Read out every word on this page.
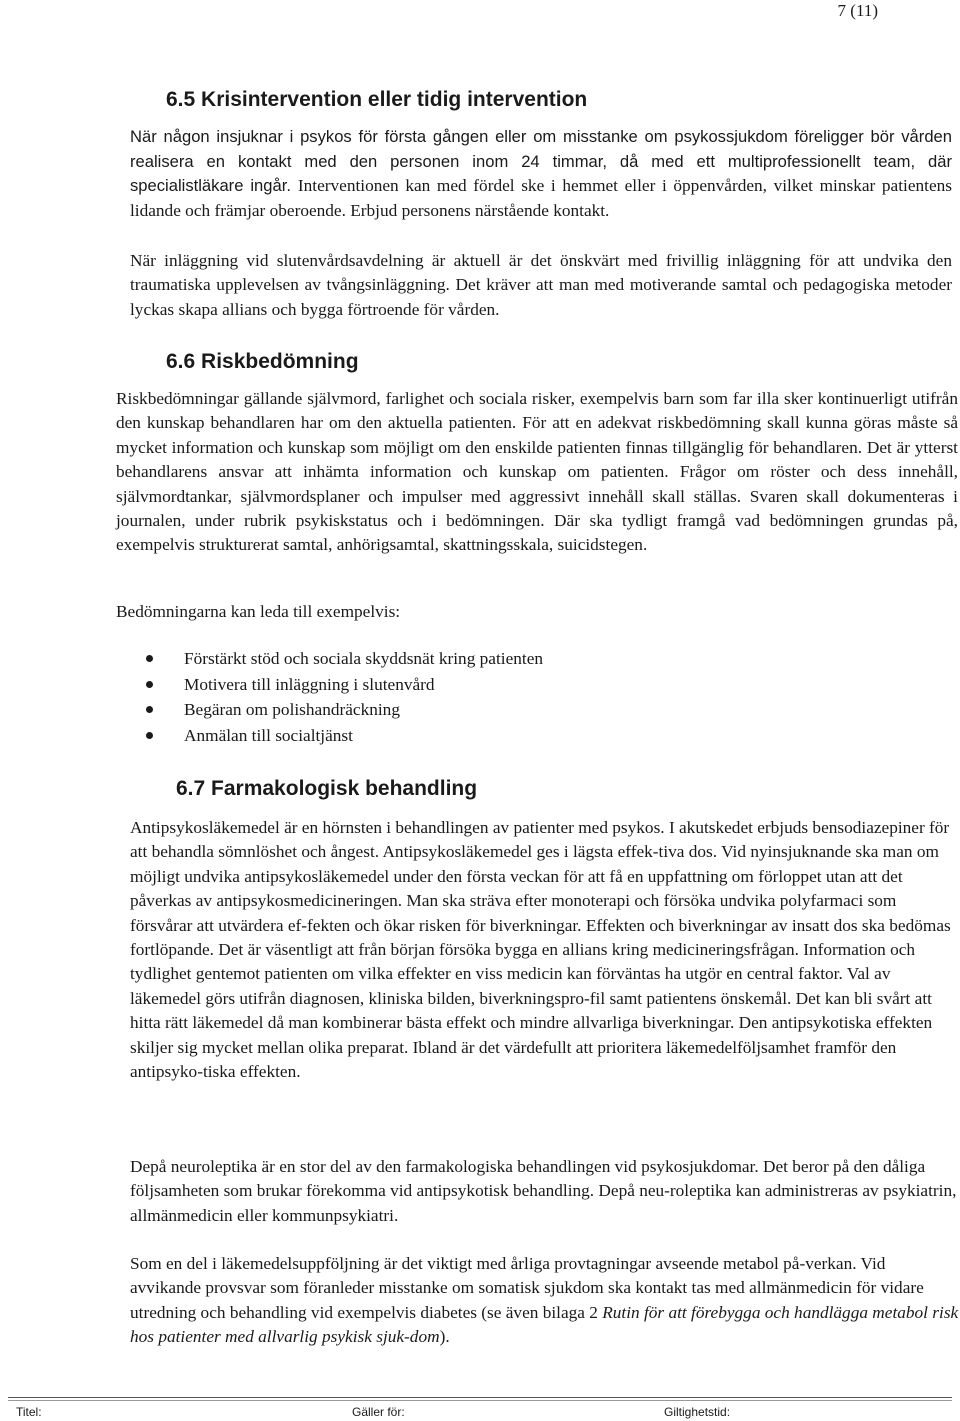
7 (11)
6.5 Krisintervention eller tidig intervention

När någon insjuknar i psykos för första gången eller om misstanke om psykossjukdom föreligger bör vården realisera en kontakt med den personen inom 24 timmar, då med ett multiprofessionellt team, där specialistläkare ingår. Interventionen kan med fördel ske i hemmet eller i öppenvården, vilket minskar patientens lidande och främjar oberoende. Erbjud personens närstående kontakt.

När inläggning vid slutenvårdsavdelning är aktuell är det önskvärt med frivillig inläggning för att undvika den traumatiska upplevelsen av tvångsinläggning. Det kräver att man med motiverande samtal och pedagogiska metoder lyckas skapa allians och bygga förtroende för vården.

6.6 Riskbedömning

Riskbedömningar gällande självmord, farlighet och sociala risker, exempelvis barn som far illa sker kontinuerligt utifrån den kunskap behandlaren har om den aktuella patienten. För att en adekvat riskbedömning skall kunna göras måste så mycket information och kunskap som möjligt om den enskilde patienten finnas tillgänglig för behandlaren. Det är ytterst behandlarens ansvar att inhämta information och kunskap om patienten. Frågor om röster och dess innehåll, självmordtankar, självmordsplaner och impulser med aggressivt innehåll skall ställas. Svaren skall dokumenteras i journalen, under rubrik psykiskstatus och i bedömningen. Där ska tydligt framgå vad bedömningen grundas på, exempelvis strukturerat samtal, anhörigsamtal, skattningsskala, suicidstegen.

Bedömningarna kan leda till exempelvis:

Förstärkt stöd och sociala skyddsnät kring patienten
Motivera till inläggning i slutenvård
Begäran om polishandräckning
Anmälan till socialtjänst
6.7 Farmakologisk behandling

Antipsykosläkemedel är en hörnsten i behandlingen av patienter med psykos. I akutskedet erbjuds bensodiazepiner för att behandla sömnlöshet och ångest. Antipsykosläkemedel ges i lägsta effek-tiva dos. Vid nyinsjuknande ska man om möjligt undvika antipsykosläkemedel under den första veckan för att få en uppfattning om förloppet utan att det påverkas av antipsykosmedicineringen. Man ska sträva efter monoterapi och försöka undvika polyfarmaci som försvårar att utvärdera ef-fekten och ökar risken för biverkningar. Effekten och biverkningar av insatt dos ska bedömas fortlöpande. Det är väsentligt att från början försöka bygga en allians kring medicineringsfrågan. Information och tydlighet gentemot patienten om vilka effekter en viss medicin kan förväntas ha utgör en central faktor. Val av läkemedel görs utifrån diagnosen, kliniska bilden, biverkningspro-fil samt patientens önskemål. Det kan bli svårt att hitta rätt läkemedel då man kombinerar bästa effekt och mindre allvarliga biverkningar. Den antipsykotiska effekten skiljer sig mycket mellan olika preparat. Ibland är det värdefullt att prioritera läkemedelföljsamhet framför den antipsyko-tiska effekten.

Depå neuroleptika är en stor del av den farmakologiska behandlingen vid psykosjukdomar. Det beror på den dåliga följsamheten som brukar förekomma vid antipsykotisk behandling. Depå neu-roleptika kan administreras av psykiatrin, allmänmedicin eller kommunpsykiatri.

Som en del i läkemedelsuppföljning är det viktigt med årliga provtagningar avseende metabol på-verkan. Vid avvikande provsvar som föranleder misstanke om somatisk sjukdom ska kontakt tas med allmänmedicin för vidare utredning och behandling vid exempelvis diabetes (se även bilaga 2 Rutin för att förebygga och handlägga metabol risk hos patienter med allvarlig psykisk sjuk-dom).

Titel:	Gäller för:	Giltighetstid:
